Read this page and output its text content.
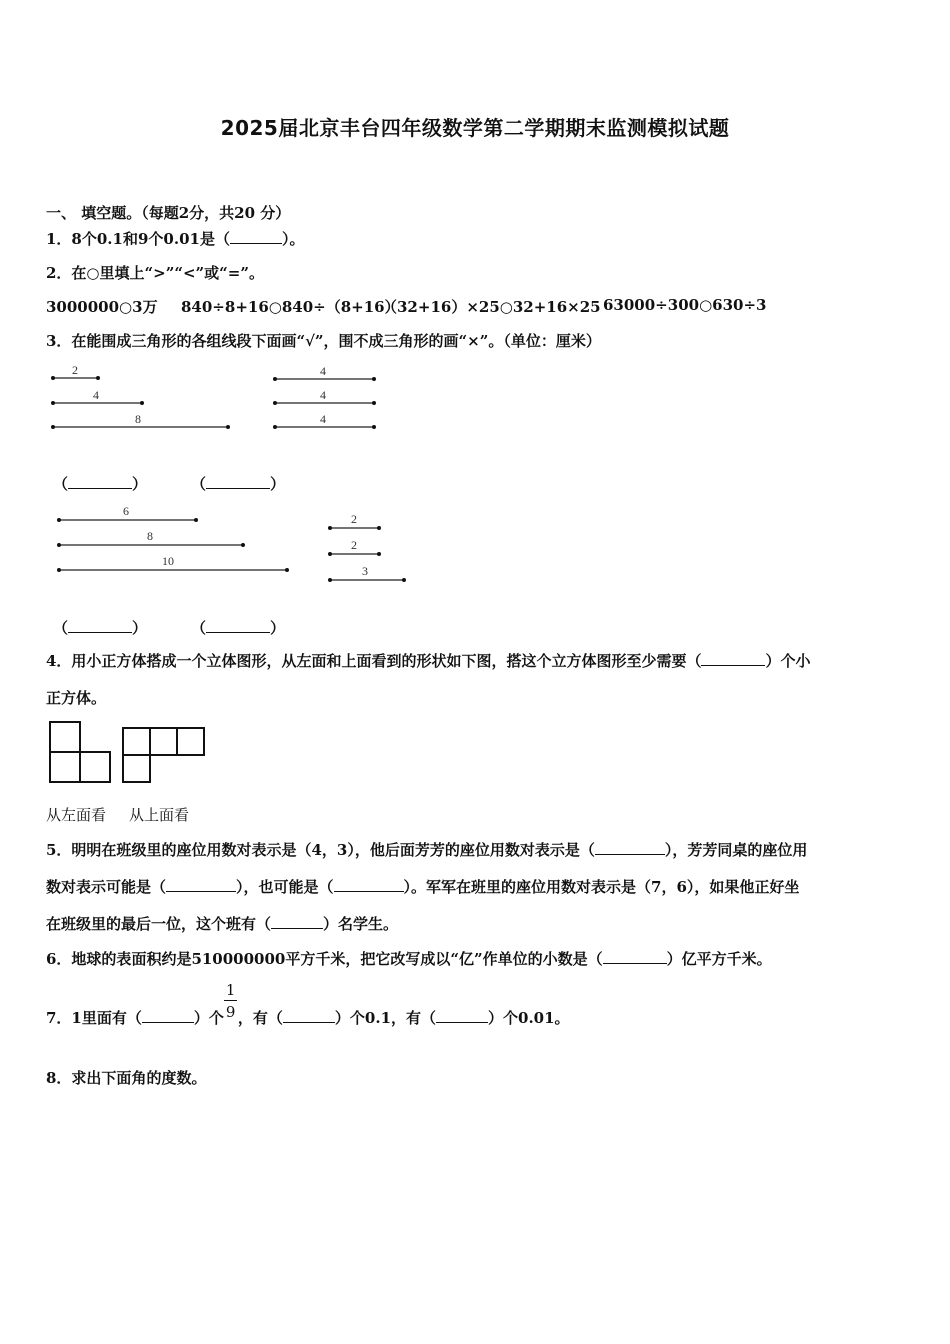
2025届北京丰台四年级数学第二学期期末监测模拟试题
一、 填空题。（每题2分，共20 分）
1．8个0.1和9个0.01是（	）。
2．在○里填上“>”“<”或“=”。
3000000○3万 840÷8+16○840÷（8+16）
（32+16）×25○32+16×25 63000÷300○630÷3
3．在能围成三角形的各组线段下面画“√”，围不成三角形的画“×”。（单位：厘米）
2
4
8
4
4
4
6
8
10
2
2
3
（	）	（	）
（	）	（	）
4．用小正方体搭成一个立体图形，从左面和上面看到的形状如下图，搭这个立方体图形至少需要（	）个小
正方体。
从左面看 从上面看
5．明明在班级里的座位用数对表示是（4，3），他后面芳芳的座位用数对表示是（	），芳芳同桌的座位用
数对表示可能是（	），也可能是（	）。军军在班里的座位用数对表示是（7，6），如果他正好坐
在班级里的最后一位，这个班有（	）名学生。
6．地球的表面积约是510000000平方千米，把它改写成以“亿”作单位的小数是（	）亿平方千米。
7．1里面有（	）个 $\frac{1}{9}$ ，有（	）个0.1，有（	）个0.01。
8．求出下面角的度数。
